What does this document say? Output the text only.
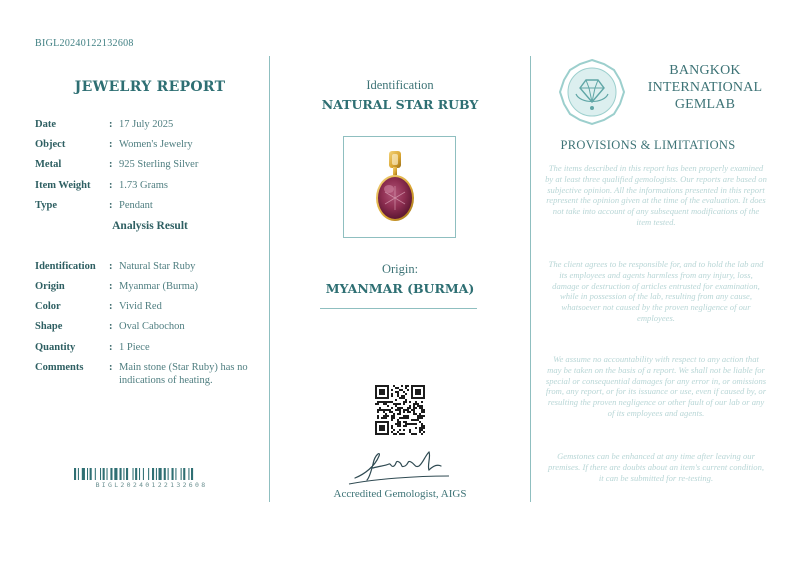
BIGL20240122132608
JEWELRY REPORT
Date	: 17 July 2025
Object	: Women's Jewelry
Metal	: 925 Sterling Silver
Item Weight : 1.73 Grams
Type	: Pendant
Analysis Result
Identification : Natural Star Ruby
Origin	: Myanmar (Burma)
Color	: Vivid Red
Shape	: Oval Cabochon
Quantity	: 1 Piece
Comments : Main stone (Star Ruby) has no indications of heating.
BIGL20240122132608
Identification
NATURAL STAR RUBY
Origin:
MYANMAR (BURMA)
Accredited Gemologist, AIGS
BANGKOK
INTERNATIONAL
GEMLAB
PROVISIONS & LIMITATIONS
The items described in this report has been properly examined by at least three qualified gemologists. Our reports are based on subjective opinion. All the informations presented in this report represent the opinion given at the time of the evaluation. It does not take into account of any subsequent modifications of the item tested.
The client agrees to be responsible for, and to hold the lab and its employees and agents harmless from any injury, loss, damage or destruction of articles entrusted for examination, while in possession of the lab, resulting from any cause, whatsoever not caused by the proven negligence of our employees.
We assume no accountability with respect to any action that may be taken on the basis of a report. We shall not be liable for special or consequential damages for any error in, or omissions from, any report, or for its issuance or use, even if caused by, or resulting the proven negligence or other fault of our lab or any of its employees and agents.
Gemstones can be enhanced at any time after leaving our premises. If there are doubts about an item's current condition, it can be submitted for re-testing.
